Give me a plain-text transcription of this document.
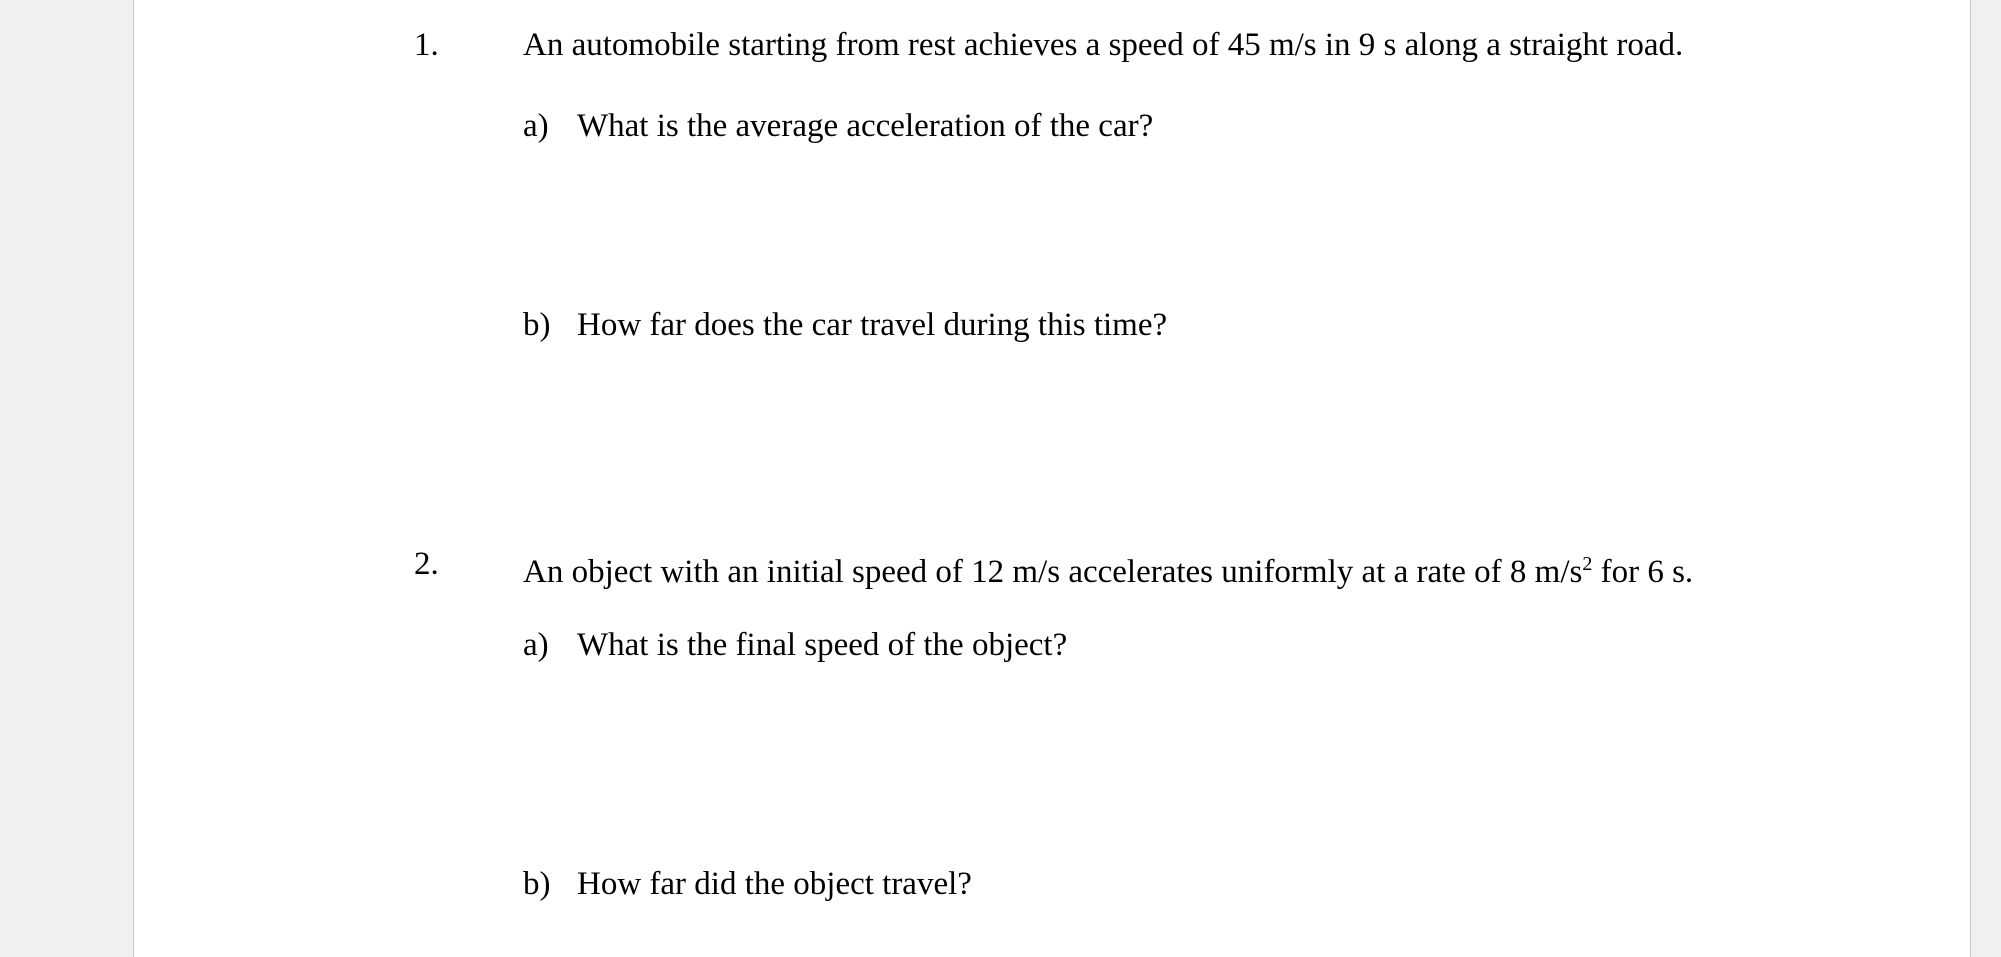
1.	An automobile starting from rest achieves a speed of 45 m/s in 9 s along a straight road.
a) What is the average acceleration of the car?
b) How far does the car travel during this time?
2.	An object with an initial speed of 12 m/s accelerates uniformly at a rate of 8 $m/s^2$ for 6 s.
a) What is the final speed of the object?
b) How far did the object travel?
